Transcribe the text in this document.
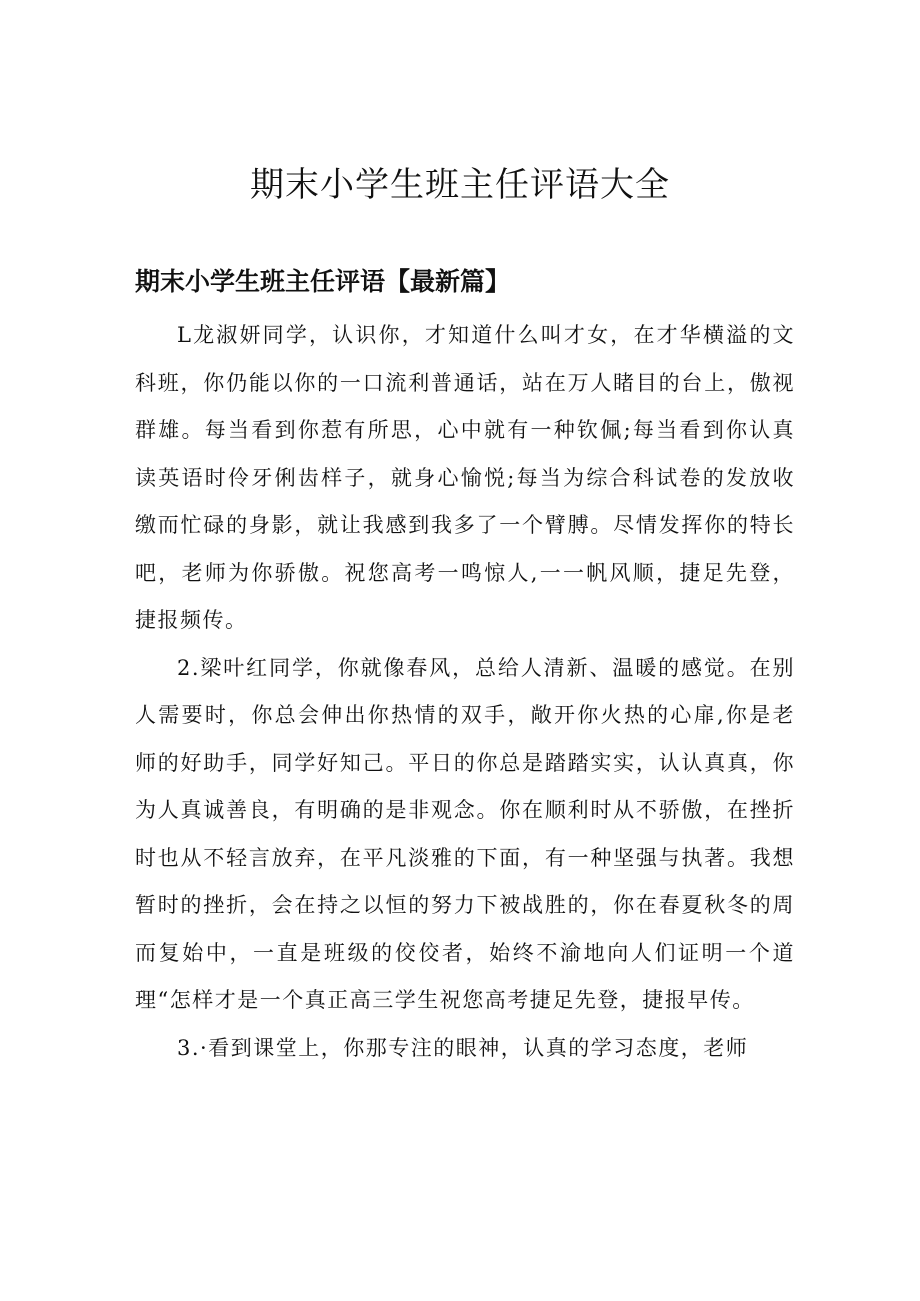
期末小学生班主任评语大全
期末小学生班主任评语【最新篇】

L龙淑妍同学，认识你，才知道什么叫才女，在才华横溢的文科班，你仍能以你的一口流利普通话，站在万人睹目的台上，傲视群雄。每当看到你惹有所思，心中就有一种钦佩;每当看到你认真读英语时伶牙俐齿样子，就身心愉悦;每当为综合科试卷的发放收缴而忙碌的身影，就让我感到我多了一个臂膊。尽情发挥你的特长吧，老师为你骄傲。祝您高考一鸣惊人,一一帆风顺，捷足先登，捷报频传。

2.梁叶红同学，你就像春风，总给人清新、温暖的感觉。在别人需要时，你总会伸出你热情的双手，敞开你火热的心扉,你是老师的好助手，同学好知己。平日的你总是踏踏实实，认认真真，你为人真诚善良，有明确的是非观念。你在顺利时从不骄傲，在挫折时也从不轻言放弃，在平凡淡雅的下面，有一种坚强与执著。我想暂时的挫折，会在持之以恒的努力下被战胜的，你在春夏秋冬的周而复始中，一直是班级的佼佼者，始终不渝地向人们证明一个道理“怎样才是一个真正高三学生祝您高考捷足先登，捷报早传。

3.·看到课堂上，你那专注的眼神，认真的学习态度，老师
